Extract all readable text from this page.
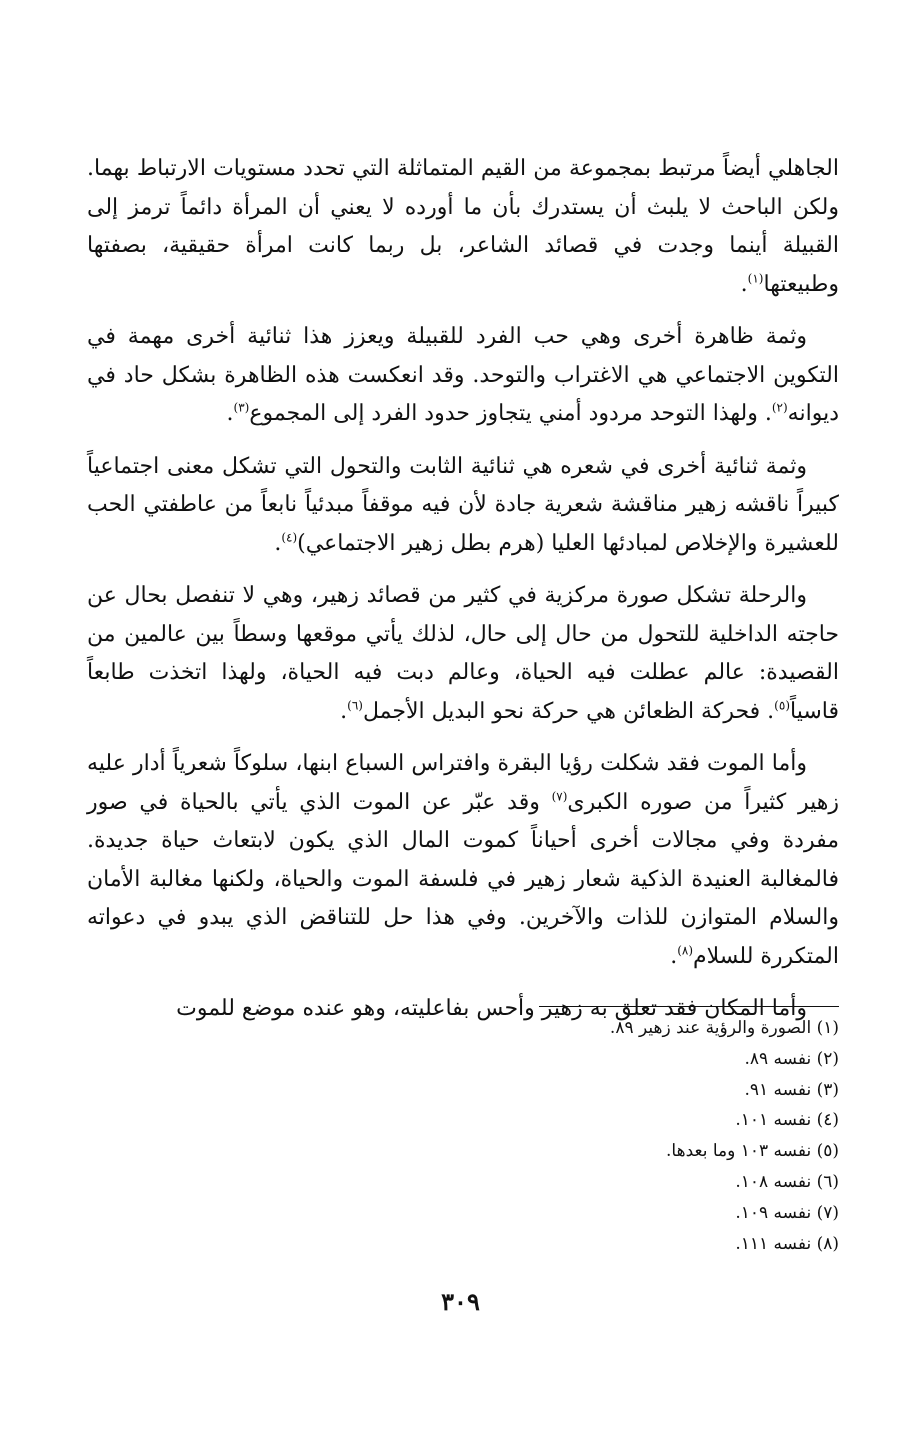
الجاهلي أيضاً مرتبط بمجموعة من القيم المتماثلة التي تحدد مستويات الارتباط بهما. ولكن الباحث لا يلبث أن يستدرك بأن ما أورده لا يعني أن المرأة دائماً ترمز إلى القبيلة أينما وجدت في قصائد الشاعر، بل ربما كانت امرأة حقيقية، بصفتها وطبيعتها$^{(١)}$.

وثمة ظاهرة أخرى وهي حب الفرد للقبيلة ويعزز هذا ثنائية أخرى مهمة في التكوين الاجتماعي هي الاغتراب والتوحد. وقد انعكست هذه الظاهرة بشكل حاد في ديوانه$^{(٢)}$. ولهذا التوحد مردود أمني يتجاوز حدود الفرد إلى المجموع$^{(٣)}$.

وثمة ثنائية أخرى في شعره هي ثنائية الثابت والتحول التي تشكل معنى اجتماعياً كبيراً ناقشه زهير مناقشة شعرية جادة لأن فيه موقفاً مبدئياً نابعاً من عاطفتي الحب للعشيرة والإخلاص لمبادئها العليا (هرم بطل زهير الاجتماعي)$^{(٤)}$.

والرحلة تشكل صورة مركزية في كثير من قصائد زهير، وهي لا تنفصل بحال عن حاجته الداخلية للتحول من حال إلى حال، لذلك يأتي موقعها وسطاً بين عالمين من القصيدة: عالم عطلت فيه الحياة، وعالم دبت فيه الحياة، ولهذا اتخذت طابعاً قاسياً$^{(٥)}$. فحركة الظعائن هي حركة نحو البديل الأجمل$^{(٦)}$.

وأما الموت فقد شكلت رؤيا البقرة وافتراس السباع ابنها، سلوكاً شعرياً أدار عليه زهير كثيراً من صوره الكبرى$^{(٧)}$ وقد عبّر عن الموت الذي يأتي بالحياة في صور مفردة وفي مجالات أخرى أحياناً كموت المال الذي يكون لابتعاث حياة جديدة. فالمغالبة العنيدة الذكية شعار زهير في فلسفة الموت والحياة، ولكنها مغالبة الأمان والسلام المتوازن للذات والآخرين. وفي هذا حل للتناقض الذي يبدو في دعواته المتكررة للسلام$^{(٨)}$.

وأما المكان فقد تعلق به زهير وأحس بفاعليته، وهو عنده موضع للموت

(١) الصورة والرؤية عند زهير ٨٩.
(٢) نفسه ٨٩.
(٣) نفسه ٩١.
(٤) نفسه ١٠١.
(٥) نفسه ١٠٣ وما بعدها.
(٦) نفسه ١٠٨.
(٧) نفسه ١٠٩.
(٨) نفسه ١١١.
٣٠٩
